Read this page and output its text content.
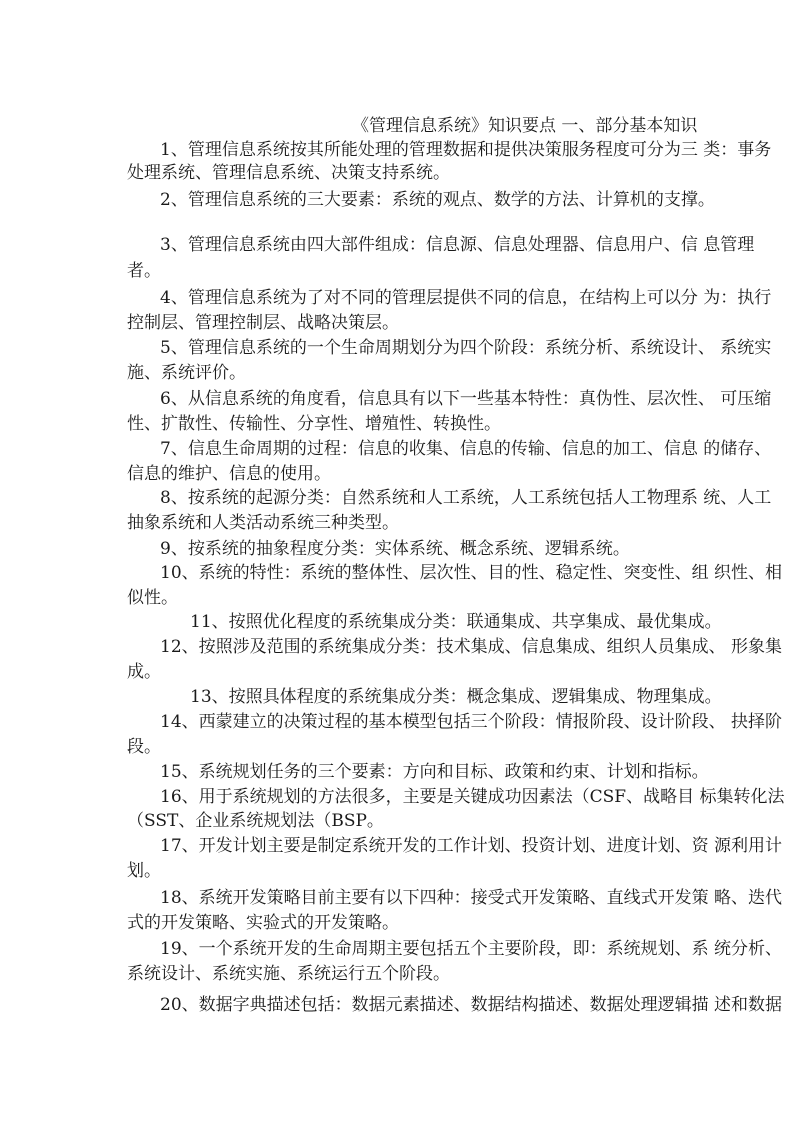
《管理信息系统》知识要点 一、部分基本知识
1、管理信息系统按其所能处理的管理数据和提供决策服务程度可分为三 类：事务
处理系统、管理信息系统、决策支持系统。
2、管理信息系统的三大要素：系统的观点、数学的方法、计算机的支撑。
3、管理信息系统由四大部件组成：信息源、信息处理器、信息用户、信 息管理
者。
4、管理信息系统为了对不同的管理层提供不同的信息，在结构上可以分 为：执行
控制层、管理控制层、战略决策层。
5、管理信息系统的一个生命周期划分为四个阶段：系统分析、系统设计、 系统实
施、系统评价。
6、从信息系统的角度看，信息具有以下一些基本特性：真伪性、层次性、 可压缩
性、扩散性、传输性、分享性、增殖性、转换性。
7、信息生命周期的过程：信息的收集、信息的传输、信息的加工、信息 的储存、
信息的维护、信息的使用。
8、按系统的起源分类：自然系统和人工系统，人工系统包括人工物理系 统、人工
抽象系统和人类活动系统三种类型。
9、按系统的抽象程度分类：实体系统、概念系统、逻辑系统。
10、系统的特性：系统的整体性、层次性、目的性、稳定性、突变性、组 织性、相
似性。
11、按照优化程度的系统集成分类：联通集成、共享集成、最优集成。
12、按照涉及范围的系统集成分类：技术集成、信息集成、组织人员集成、 形象集
成。
13、按照具体程度的系统集成分类：概念集成、逻辑集成、物理集成。
14、西蒙建立的决策过程的基本模型包括三个阶段：情报阶段、设计阶段、 抉择阶
段。
15、系统规划任务的三个要素：方向和目标、政策和约束、计划和指标。
16、用于系统规划的方法很多，主要是关键成功因素法（CSF、战略目 标集转化法
（SST、企业系统规划法（BSP。
17、开发计划主要是制定系统开发的工作计划、投资计划、进度计划、资 源利用计
划。
18、系统开发策略目前主要有以下四种：接受式开发策略、直线式开发策 略、迭代
式的开发策略、实验式的开发策略。
19、一个系统开发的生命周期主要包括五个主要阶段，即：系统规划、系 统分析、
系统设计、系统实施、系统运行五个阶段。
20、数据字典描述包括：数据元素描述、数据结构描述、数据处理逻辑描 述和数据
